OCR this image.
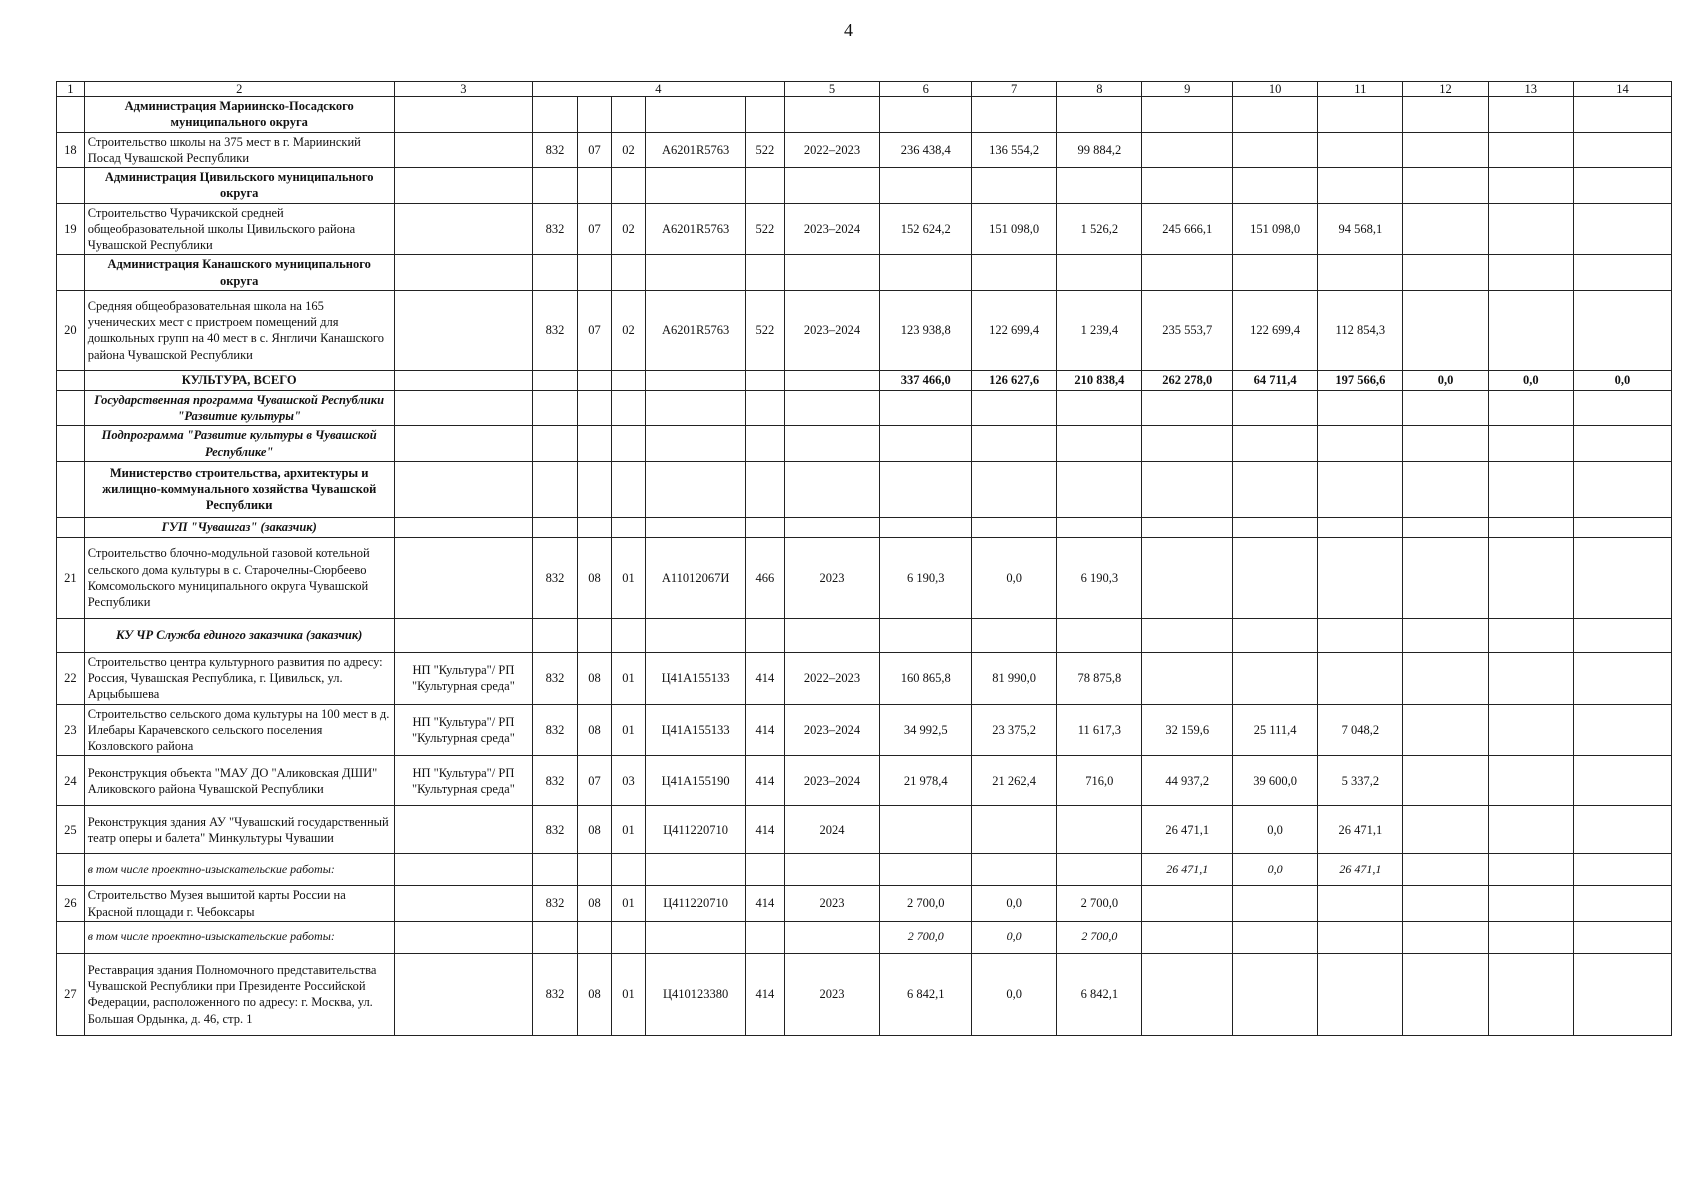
4
1	2	3	4					5	6	7	8	9	10	11	12	13	14
	Администрация Мариинско-Посадского муниципального округа																
18	Строительство школы на 375 мест в г. Мариинский Посад Чувашской Республики		832	07	02	А6201R5763	522	2022–2023	236 438,4	136 554,2	99 884,2						
	Администрация Цивильского муниципального округа																
19	Строительство Чурачикской средней общеобразовательной школы Цивильского района Чувашской Республики		832	07	02	А6201R5763	522	2023–2024	152 624,2	151 098,0	1 526,2	245 666,1	151 098,0	94 568,1			
	Администрация Канашского муниципального округа																
20	Средняя общеобразовательная школа на 165 ученических мест с пристроем помещений для дошкольных групп на 40 мест в с. Янгличи Канашского района Чувашской Республики		832	07	02	А6201R5763	522	2023–2024	123 938,8	122 699,4	1 239,4	235 553,7	122 699,4	112 854,3			
	КУЛЬТУРА, ВСЕГО								337 466,0	126 627,6	210 838,4	262 278,0	64 711,4	197 566,6	0,0	0,0	0,0
	Государственная программа Чувашской Республики "Развитие культуры"																
	Подпрограмма "Развитие культуры в Чувашской Республике"																
	Министерство строительства, архитектуры и жилищно-коммунального хозяйства Чувашской Республики																
	ГУП "Чувашгаз" (заказчик)																
21	Строительство блочно-модульной газовой котельной сельского дома культуры в с. Старочелны-Сюрбеево Комсомольского муниципального округа Чувашской Республики		832	08	01	А11012067И	466	2023	6 190,3	0,0	6 190,3						
	КУ ЧР Служба единого заказчика (заказчик)																
22	Строительство центра культурного развития по адресу: Россия, Чувашская Республика, г. Цивильск, ул. Арцыбышева	НП "Культура"/ РП "Культурная среда"	832	08	01	Ц41А155133	414	2022–2023	160 865,8	81 990,0	78 875,8						
23	Строительство сельского дома культуры на 100 мест в д. Илебары Карачевского сельского поселения Козловского района	НП "Культура"/ РП "Культурная среда"	832	08	01	Ц41А155133	414	2023–2024	34 992,5	23 375,2	11 617,3	32 159,6	25 111,4	7 048,2			
24	Реконструкция объекта "МАУ ДО "Аликовская ДШИ" Аликовского района Чувашской Республики	НП "Культура"/ РП "Культурная среда"	832	07	03	Ц41А155190	414	2023–2024	21 978,4	21 262,4	716,0	44 937,2	39 600,0	5 337,2			
25	Реконструкция здания АУ "Чувашский государственный театр оперы и балета" Минкультуры Чувашии		832	08	01	Ц411220710	414	2024				26 471,1	0,0	26 471,1			
	в том числе проектно-изыскательские работы:											26 471,1	0,0	26 471,1			
26	Строительство Музея вышитой карты России на Красной площади г. Чебоксары		832	08	01	Ц411220710	414	2023	2 700,0	0,0	2 700,0						
	в том числе проектно-изыскательские работы:								2 700,0	0,0	2 700,0						
27	Реставрация здания Полномочного представительства Чувашской Республики при Президенте Российской Федерации, расположенного по адресу: г. Москва, ул. Большая Ордынка, д. 46, стр. 1		832	08	01	Ц410123380	414	2023	6 842,1	0,0	6 842,1						
